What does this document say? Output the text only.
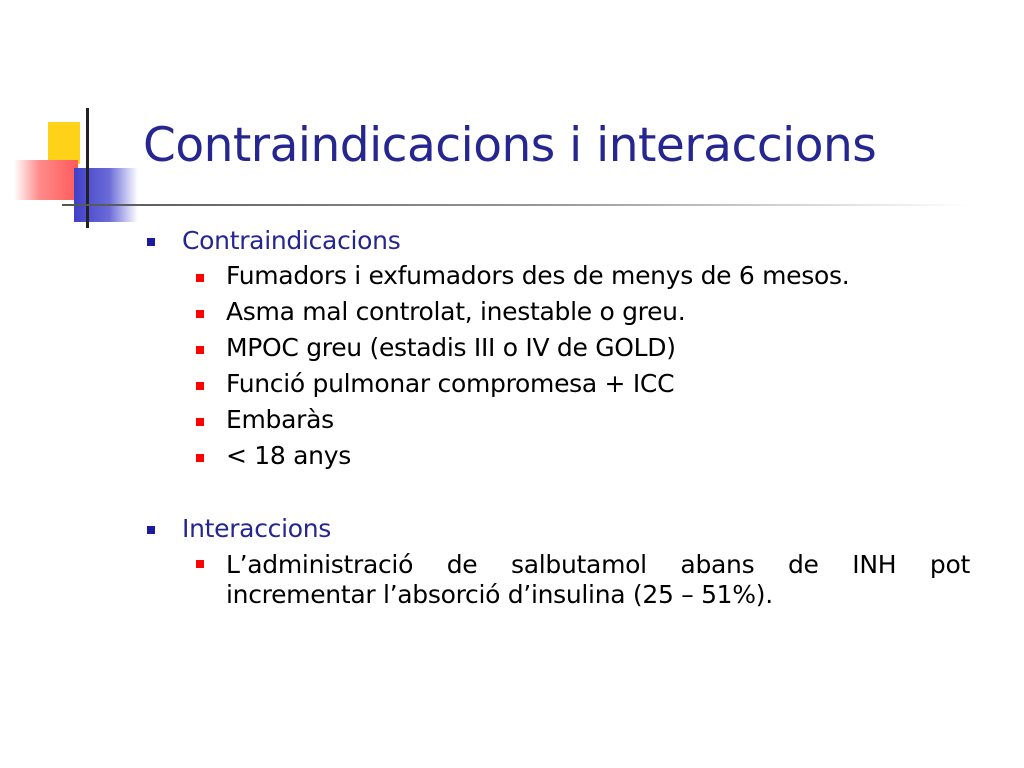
Contraindicacions i interaccions
Contraindicacions
Fumadors i exfumadors des de menys de 6 mesos.
Asma mal controlat, inestable o greu.
MPOC greu (estadis III o IV de GOLD)
Funció pulmonar compromesa + ICC
Embaràs
< 18 anys
Interaccions
L’administració de salbutamol abans de INH pot incrementar l’absorció d’insulina (25 – 51%).
